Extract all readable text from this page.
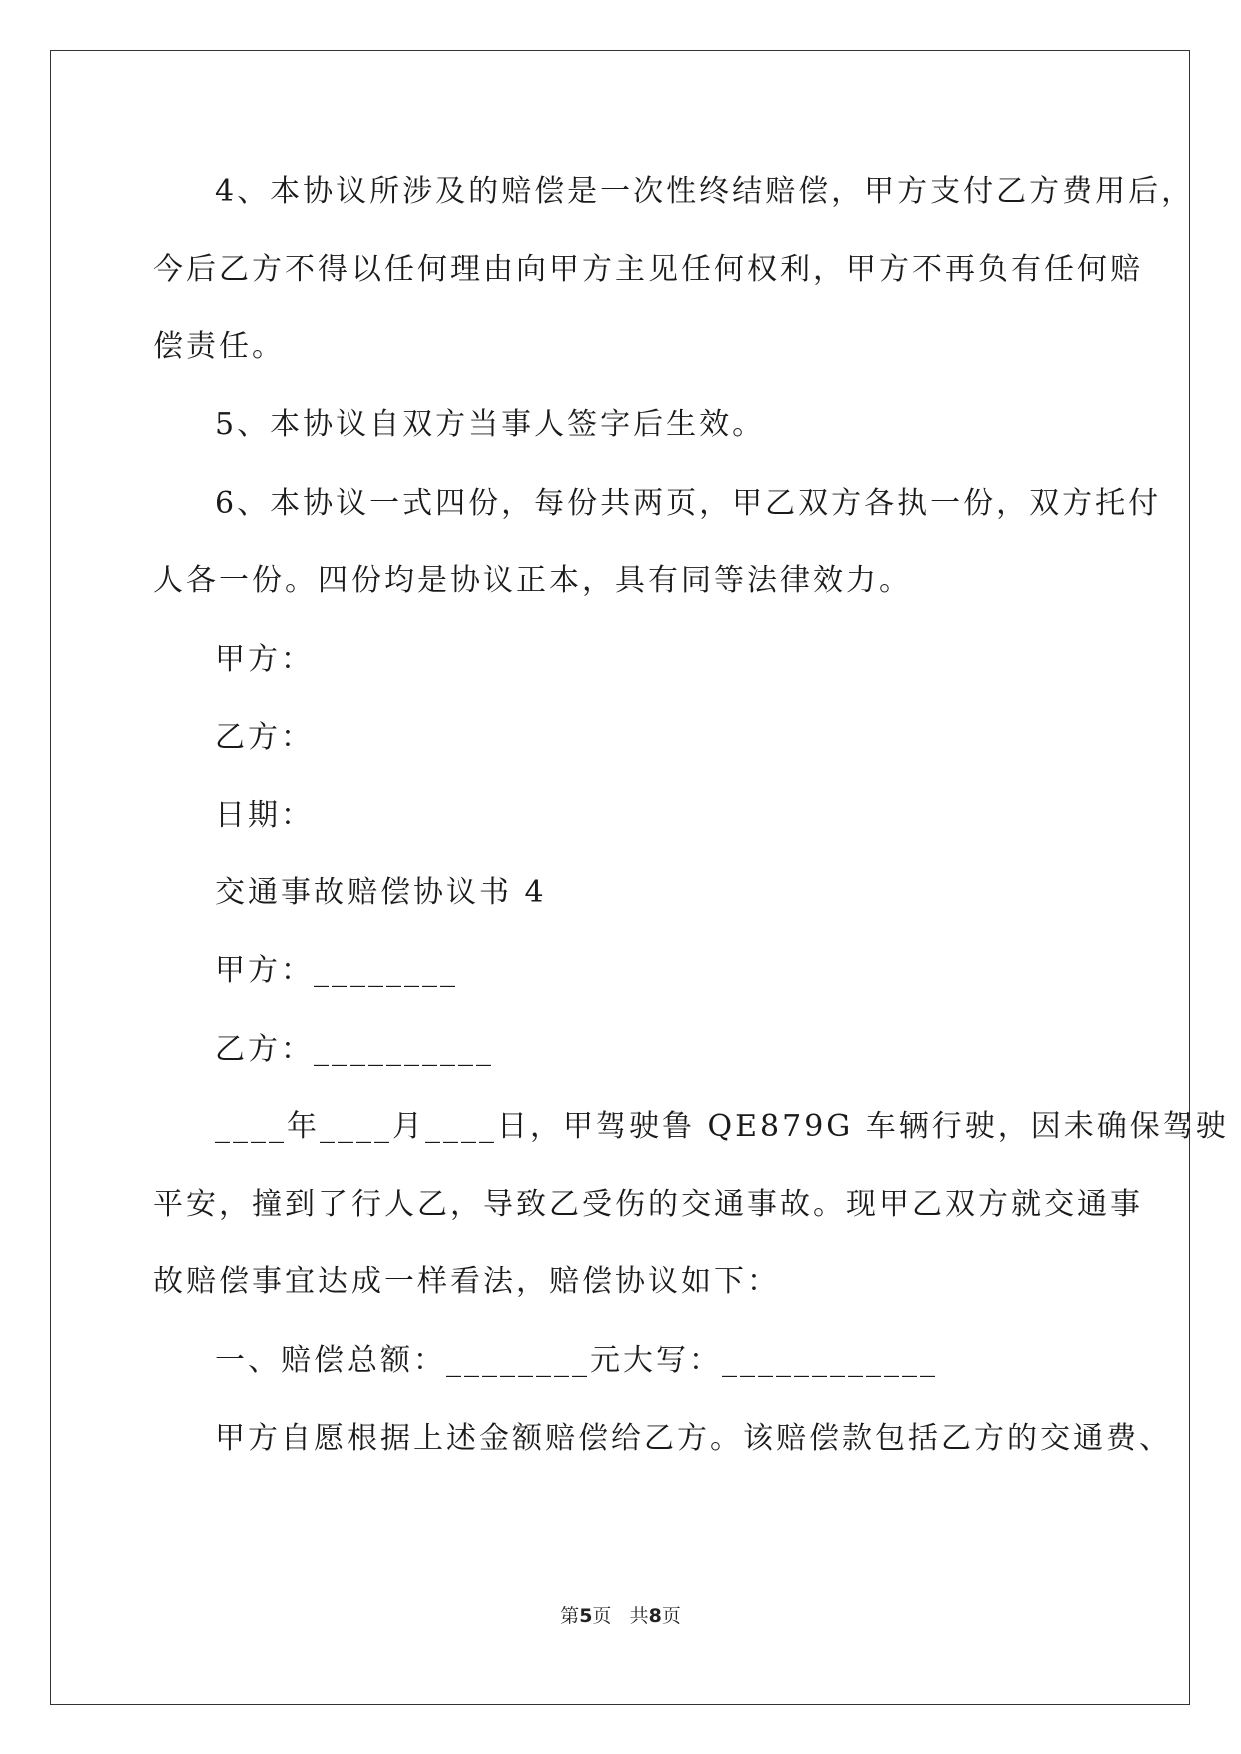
4、本协议所涉及的赔偿是一次性终结赔偿，甲方支付乙方费用后，
今后乙方不得以任何理由向甲方主见任何权利，甲方不再负有任何赔
偿责任。
5、本协议自双方当事人签字后生效。
6、本协议一式四份，每份共两页，甲乙双方各执一份，双方托付
人各一份。四份均是协议正本，具有同等法律效力。
甲方：
乙方：
日期：
交通事故赔偿协议书 4
甲方：________
乙方：__________
____年____月____日，甲驾驶鲁 QE879G 车辆行驶，因未确保驾驶
平安，撞到了行人乙，导致乙受伤的交通事故。现甲乙双方就交通事
故赔偿事宜达成一样看法，赔偿协议如下：
一、赔偿总额：________元大写：____________
甲方自愿根据上述金额赔偿给乙方。该赔偿款包括乙方的交通费、
第5页 共8页
